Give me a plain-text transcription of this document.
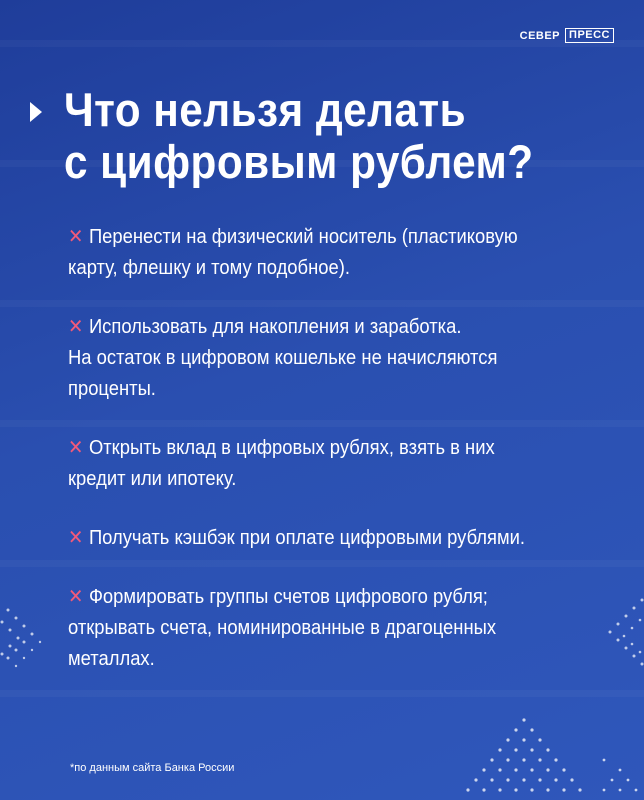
СЕВЕР ПРЕСС
Что нельзя делать
с цифровым рублем?
✕ Перенести на физический носитель (пластиковую
карту, флешку и тому подобное).
✕ Использовать для накопления и заработка.
На остаток в цифровом кошельке не начисляются
проценты.
✕ Открыть вклад в цифровых рублях, взять в них
кредит или ипотеку.
✕ Получать кэшбэк при оплате цифровыми рублями.
✕ Формировать группы счетов цифрового рубля;
открывать счета, номинированные в драгоценных
металлах.
*по данным сайта Банка России
